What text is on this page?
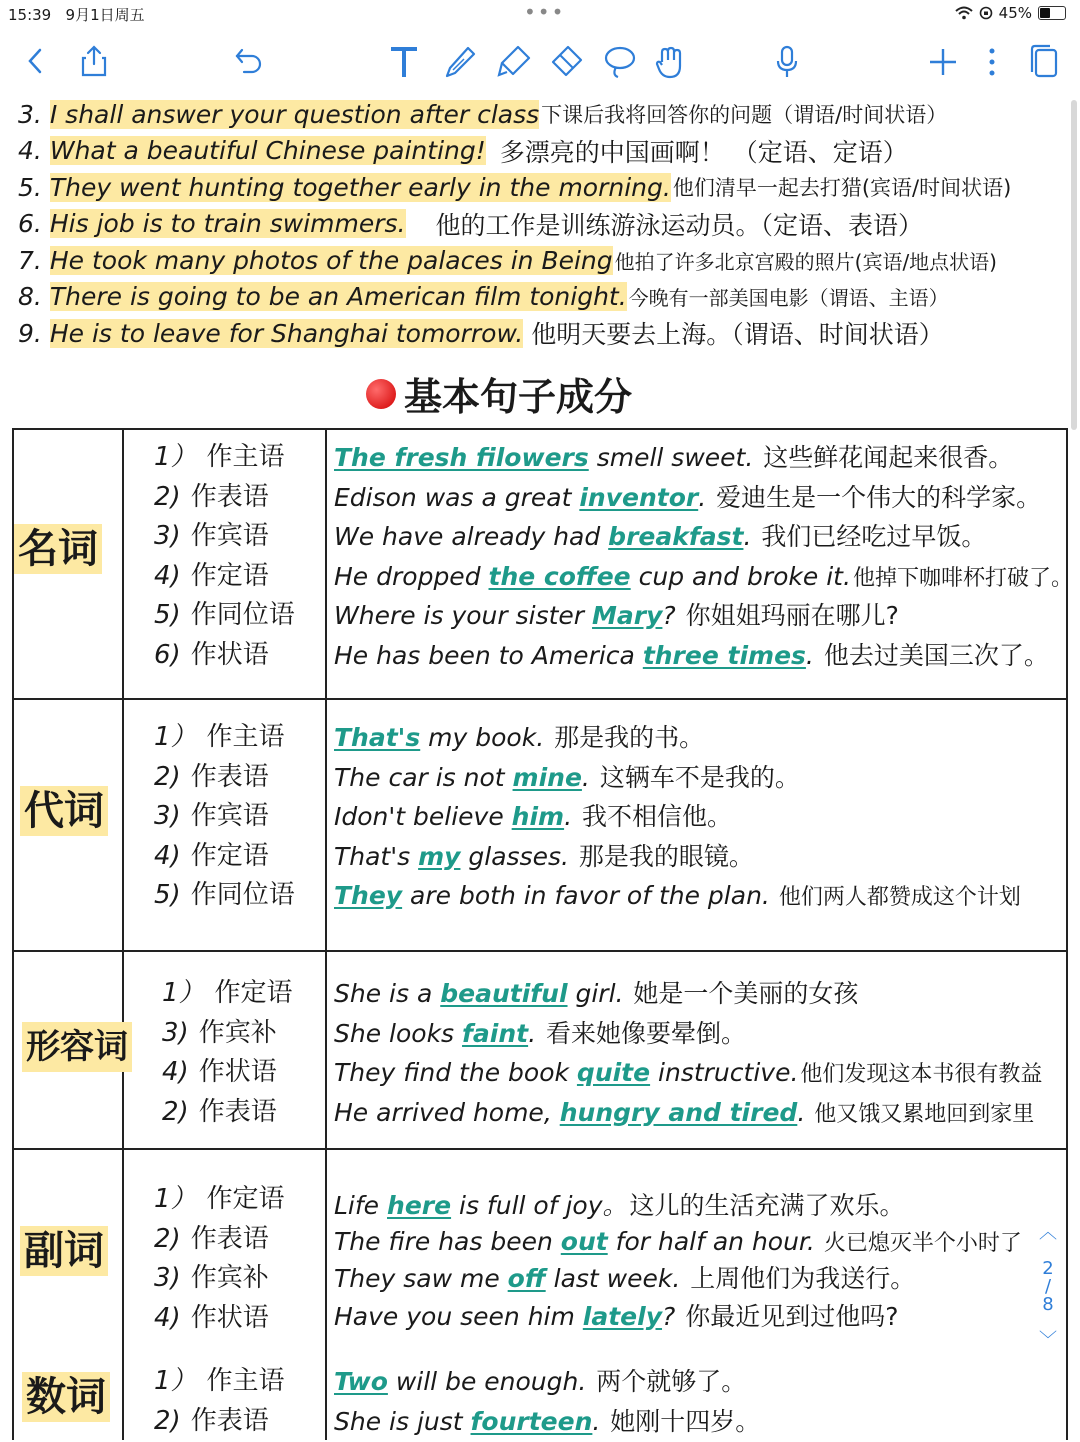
15:39 9月1日周五	•••	45%
3. I shall answer your question after class 下课后我将回答你的问题（谓语/时间状语）
4. What a beautiful Chinese painting! 多漂亮的中国画啊！ （定语、定语）
5. They went hunting together early in the morning. 他们清早一起去打猎(宾语/时间状语)
6. His job is to train swimmers. 他的工作是训练游泳运动员。（定语、表语）
7. He took many photos of the palaces in Being 他拍了许多北京宫殿的照片(宾语/地点状语)
8. There is going to be an American film tonight. 今晚有一部美国电影（谓语、主语）
9. He is to leave for Shanghai tomorrow. 他明天要去上海。（谓语、时间状语）
基本句子成分
名词
1） 作主语
2) 作表语
3) 作宾语
4) 作定语
5) 作同位语
6) 作状语
The fresh filowers smell sweet. 这些鲜花闻起来很香。
Edison was a great inventor. 爱迪生是一个伟大的科学家。
We have already had breakfast. 我们已经吃过早饭。
He dropped the coffee cup and broke it.他掉下咖啡杯打破了。
Where is your sister Mary? 你姐姐玛丽在哪儿?
He has been to America three times. 他去过美国三次了。
代词
1） 作主语
2) 作表语
3) 作宾语
4) 作定语
5) 作同位语
That's my book. 那是我的书。
The car is not mine. 这辆车不是我的。
Idon't believe him. 我不相信他。
That's my glasses. 那是我的眼镜。
They are both in favor of the plan. 他们两人都赞成这个计划
形容词
1） 作定语
3) 作宾补
4) 作状语
2) 作表语
She is a beautiful girl. 她是一个美丽的女孩
She looks faint. 看来她像要晕倒。
They find the book quite instructive.他们发现这本书很有教益
He arrived home, hungry and tired. 他又饿又累地回到家里
副词
1） 作定语
2) 作表语
3) 作宾补
4) 作状语
Life here is full of joy。这儿的生活充满了欢乐。
The fire has been out for half an hour. 火已熄灭半个小时了
They saw me off last week. 上周他们为我送行。
Have you seen him lately? 你最近见到过他吗?
数词 1） 作主语
2) 作表语
Two will be enough. 两个就够了。
She is just fourteen. 她刚十四岁。
︿
2
/
8
﹀
